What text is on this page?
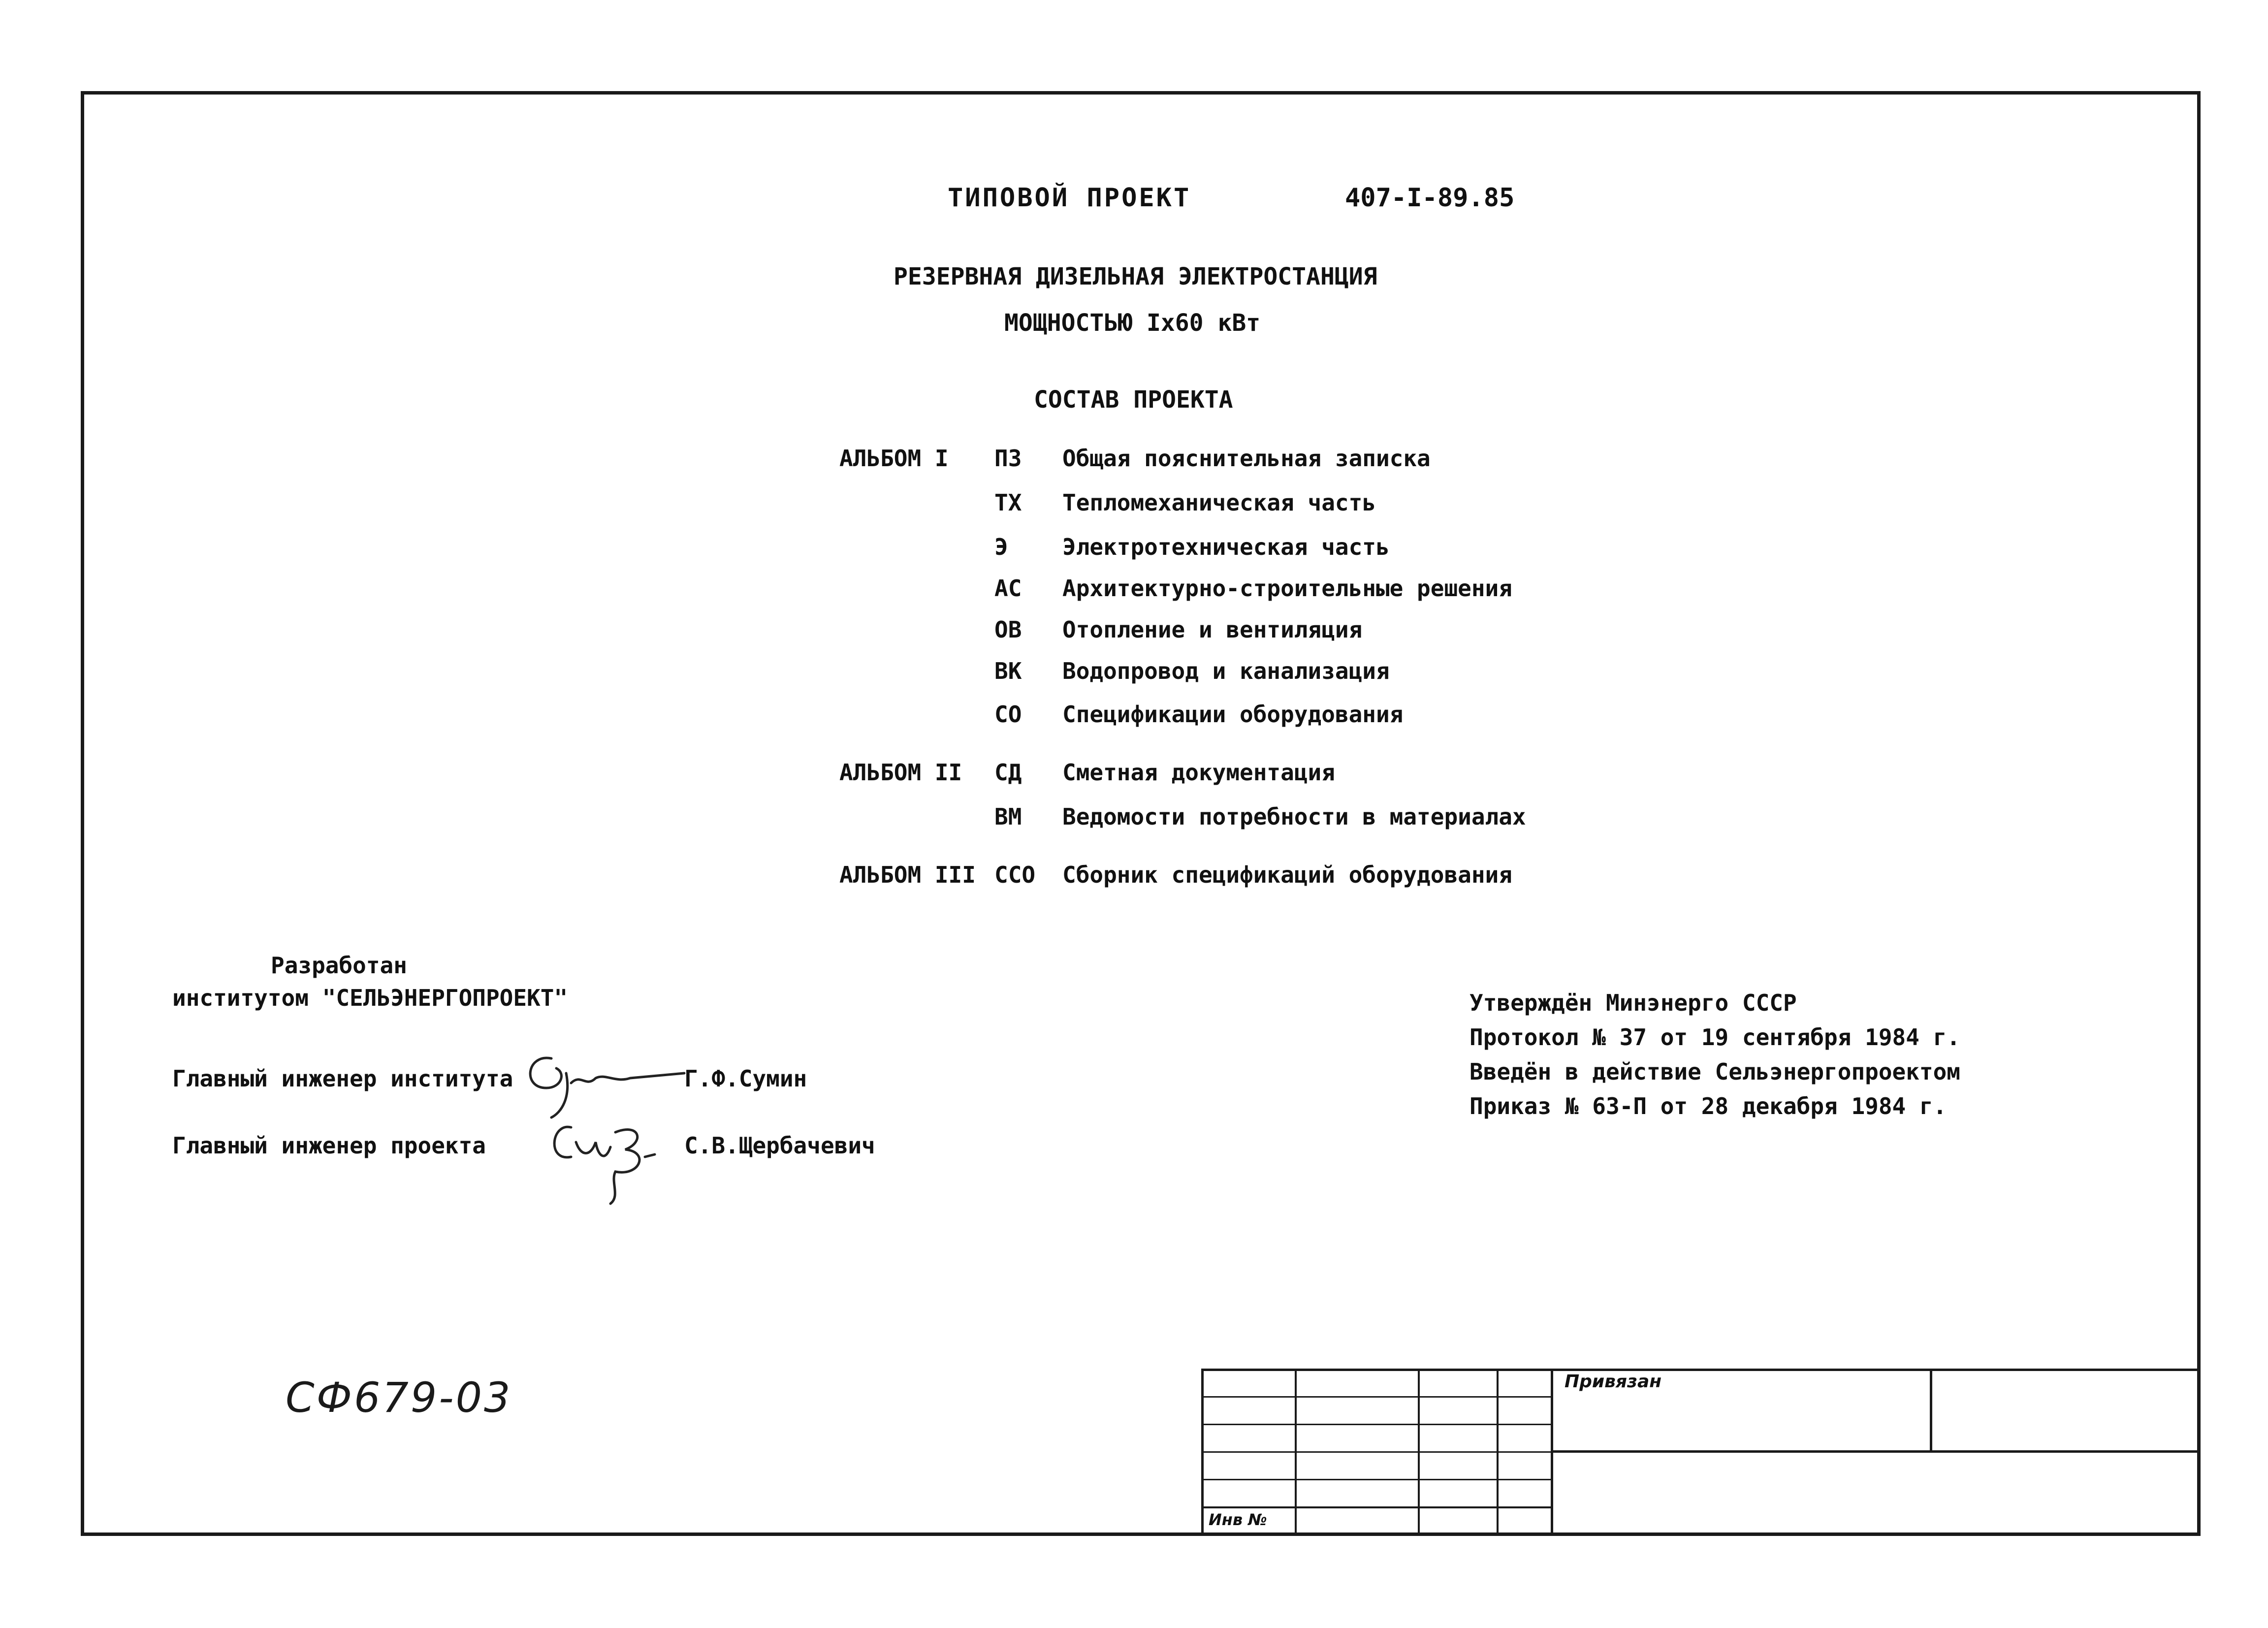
ТИПОВОЙ ПРОЕКТ	407-I-89.85
РЕЗЕРВНАЯ ДИЗЕЛЬНАЯ ЭЛЕКТРОСТАНЦИЯ
МОЩНОСТЬЮ Iх60 кВт
СОСТАВ ПРОЕКТА
АЛЬБОМ I ПЗ Общая пояснительная записка
ТХ Тепломеханическая часть
Э Электротехническая часть
АС Архитектурно-строительные решения
ОВ Отопление и вентиляция
ВК Водопровод и канализация
СО Спецификации оборудования
АЛЬБОМ II СД Сметная документация
ВМ Ведомости потребности в материалах
АЛЬБОМ III ССО Сборник спецификаций оборудования
Разработан
институтом "СЕЛЬЭНЕРГОПРОЕКТ"
Главный инженер института	Г.Ф.Сумин
Главный инженер проекта	С.В.Щербачевич
Утверждён Минэнерго СССР
Протокол № 37 от 19 сентября 1984 г.
Введён в действие Сельэнергопроектом
Приказ № 63-П от 28 декабря 1984 г.
СФ679-03	Привязан
Инв №
